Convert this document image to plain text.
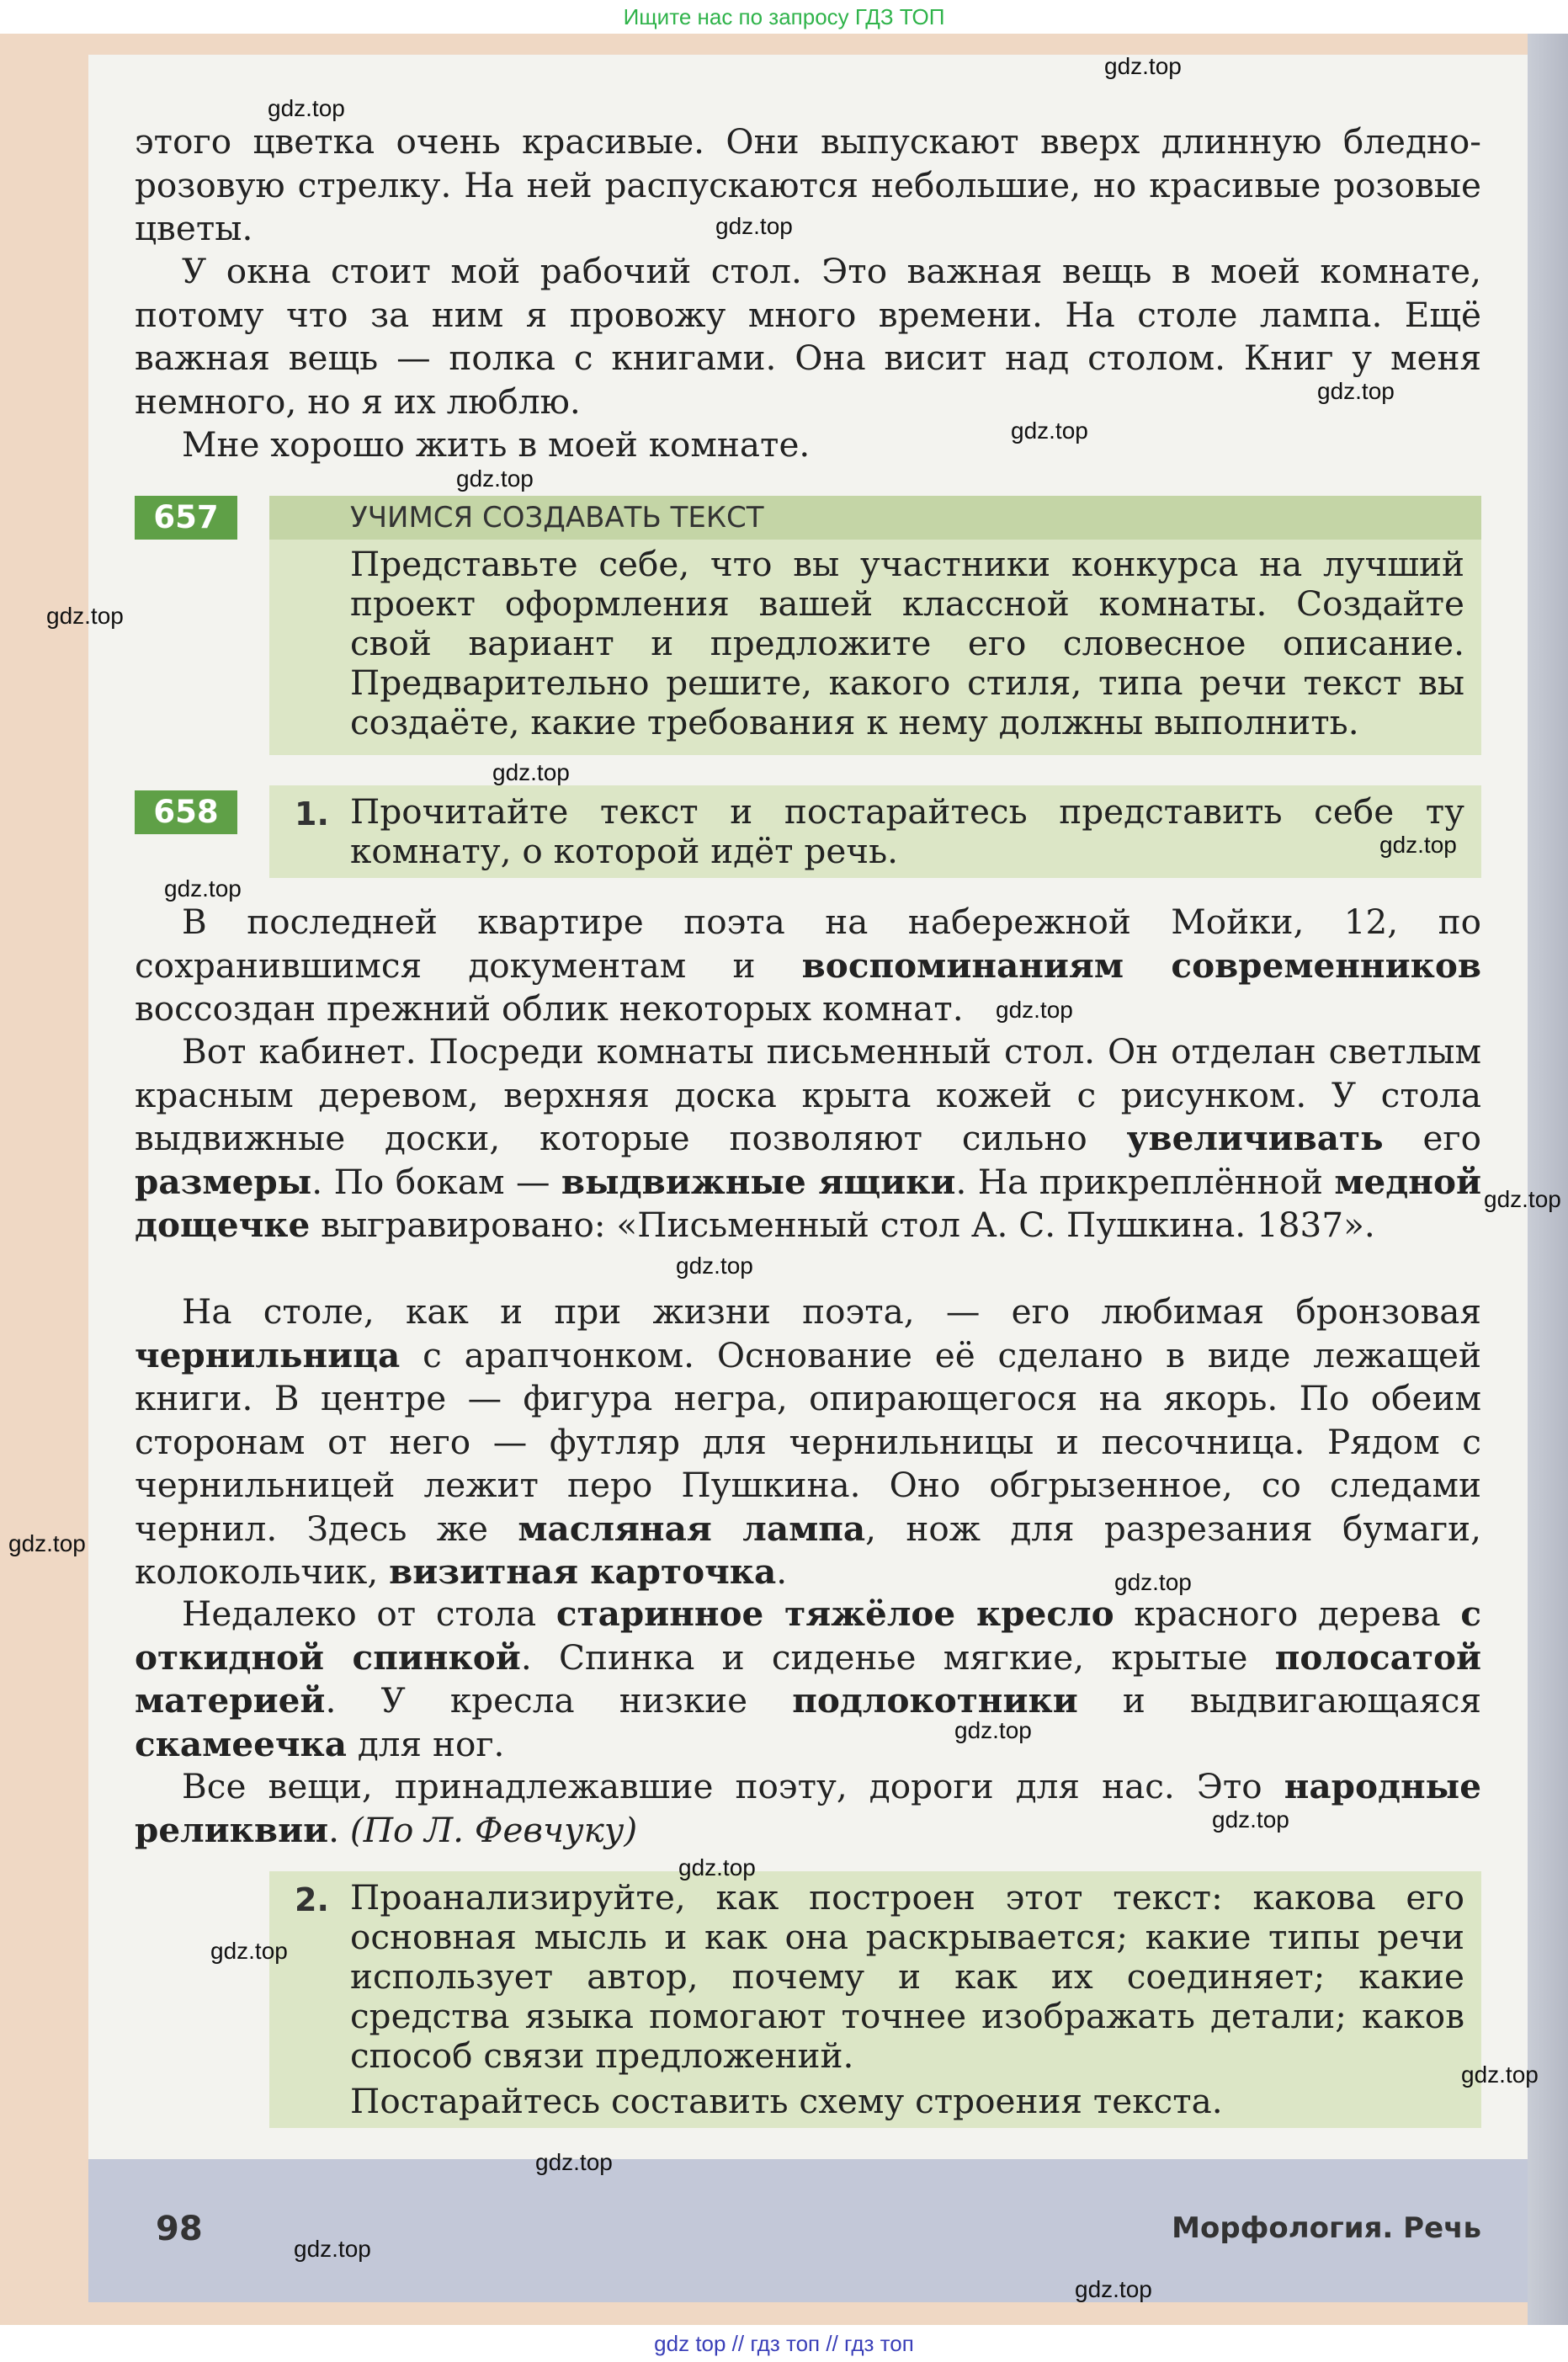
Ищите нас по запросу ГДЗ ТОП
этого цветка очень красивые. Они выпускают вверх длинную бледно-розовую стрелку. На ней распускаются небольшие, но красивые розовые цветы.
У окна стоит мой рабочий стол. Это важная вещь в моей комнате, потому что за ним я провожу много времени. На столе лампа. Ещё важная вещь — полка с книгами. Она висит над столом. Книг у меня немного, но я их люблю.
Мне хорошо жить в моей комнате.
657	УЧИМСЯ СОЗДАВАТЬ ТЕКСТ
Представьте себе, что вы участники конкурса на лучший проект оформления вашей классной комнаты. Создайте свой вариант и предложите его словесное описание. Предварительно решите, какого стиля, типа речи текст вы создаёте, какие требования к нему должны выполнить.
658	1. Прочитайте текст и постарайтесь представить себе ту комнату, о которой идёт речь.
В последней квартире поэта на набережной Мойки, 12, по сохранившимся документам и воспоминаниям современников воссоздан прежний облик некоторых комнат.
Вот кабинет. Посреди комнаты письменный стол. Он отделан светлым красным деревом, верхняя доска крыта кожей с рисунком. У стола выдвижные доски, которые позволяют сильно увеличивать его размеры. По бокам — выдвижные ящики. На прикреплённой медной дощечке выгравировано: «Письменный стол А. С. Пушкина. 1837».
На столе, как и при жизни поэта, — его любимая бронзовая чернильница с арапчонком. Основание её сделано в виде лежащей книги. В центре — фигура негра, опирающегося на якорь. По обеим сторонам от него — футляр для чернильницы и песочница. Рядом с чернильницей лежит перо Пушкина. Оно обгрызенное, со следами чернил. Здесь же масляная лампа, нож для разрезания бумаги, колокольчик, визитная карточка.
Недалеко от стола старинное тяжёлое кресло красного дерева с откидной спинкой. Спинка и сиденье мягкие, крытые полосатой материей. У кресла низкие подлокотники и выдвигающаяся скамеечка для ног.
Все вещи, принадлежавшие поэту, дороги для нас. Это народные реликвии. (По Л. Февчуку)
2. Проанализируйте, как построен этот текст: какова его основная мысль и как она раскрывается; какие типы речи использует автор, почему и как их соединяет; какие средства языка помогают точнее изображать детали; каков способ связи предложений.
Постарайтесь составить схему строения текста.
98	Морфология. Речь
gdz.top
gdz.top
gdz.top
gdz.top
gdz.top
gdz.top
gdz.top
gdz.top
gdz.top
gdz.top
gdz.top
gdz.top
gdz.top
gdz.top
gdz.top
gdz.top
gdz.top
gdz.top
gdz.top
gdz.top
gdz.top
gdz.top
gdz.top
gdz top // гдз топ // гдз топ
